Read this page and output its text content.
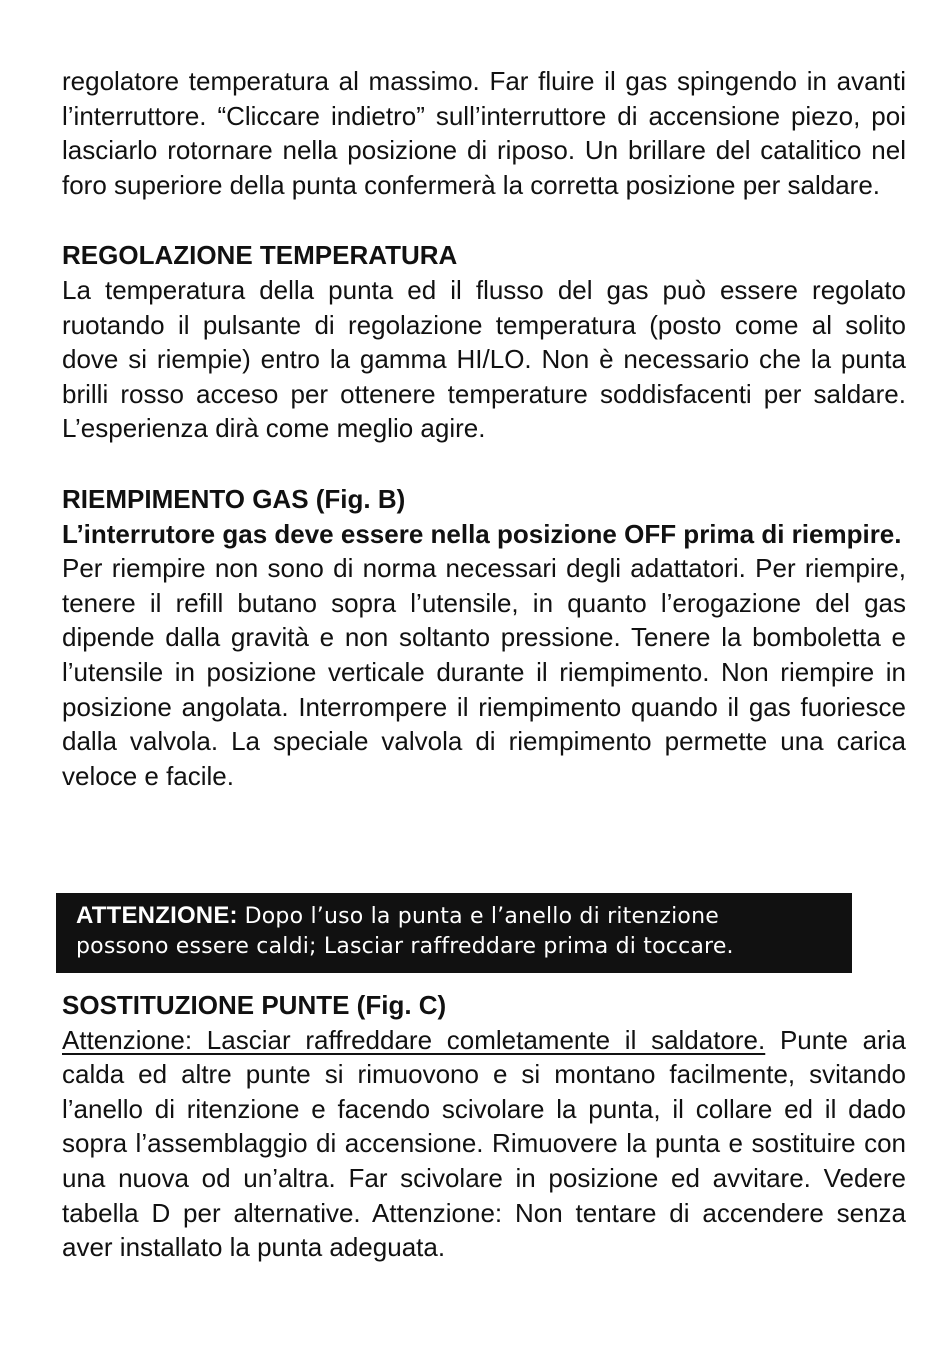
regolatore temperatura al massimo. Far fluire il gas spingendo in avanti l’interruttore. “Cliccare indietro” sull’interruttore di accensione piezo, poi lasciarlo rotornare nella posizione di riposo. Un brillare del catalitico nel foro superiore della punta confermerà la corretta posizione per saldare.

REGOLAZIONE TEMPERATURA

La temperatura della punta ed il flusso del gas può essere regolato ruotando il pulsante di regolazione temperatura (posto come al solito dove si riempie) entro la gamma HI/LO. Non è necessario che la punta brilli rosso acceso per ottenere temperature soddisfacenti per saldare. L’esperienza dirà come meglio agire.

RIEMPIMENTO GAS (Fig. B)

L’interrutore gas deve essere nella posizione OFF prima di riempire.

Per riempire non sono di norma necessari degli adattatori. Per riempire, tenere il refill butano sopra l’utensile, in quanto l’erogazione del gas dipende dalla gravità e non soltanto pressione. Tenere la bomboletta e l’utensile in posizione verticale durante il riempimento. Non riempire in posizione angolata. Interrompere il riempimento quando il gas fuoriesce dalla valvola. La speciale valvola di riempimento permette una carica veloce e facile.

ATTENZIONE: Dopo l’uso la punta e l’anello di ritenzione
possono essere caldi; Lasciar raffreddare prima di toccare.
SOSTITUZIONE PUNTE (Fig. C)

Attenzione: Lasciar raffreddare comletamente il saldatore. Punte aria calda ed altre punte si rimuovono e si montano facilmente, svitando l’anello di ritenzione e facendo scivolare la punta, il collare ed il dado sopra l’assemblaggio di accensione. Rimuovere la punta e sostituire con una nuova od un’altra. Far scivolare in posizione ed avvitare. Vedere tabella D per alternative. Attenzione: Non tentare di accendere senza aver installato la punta adeguata.
